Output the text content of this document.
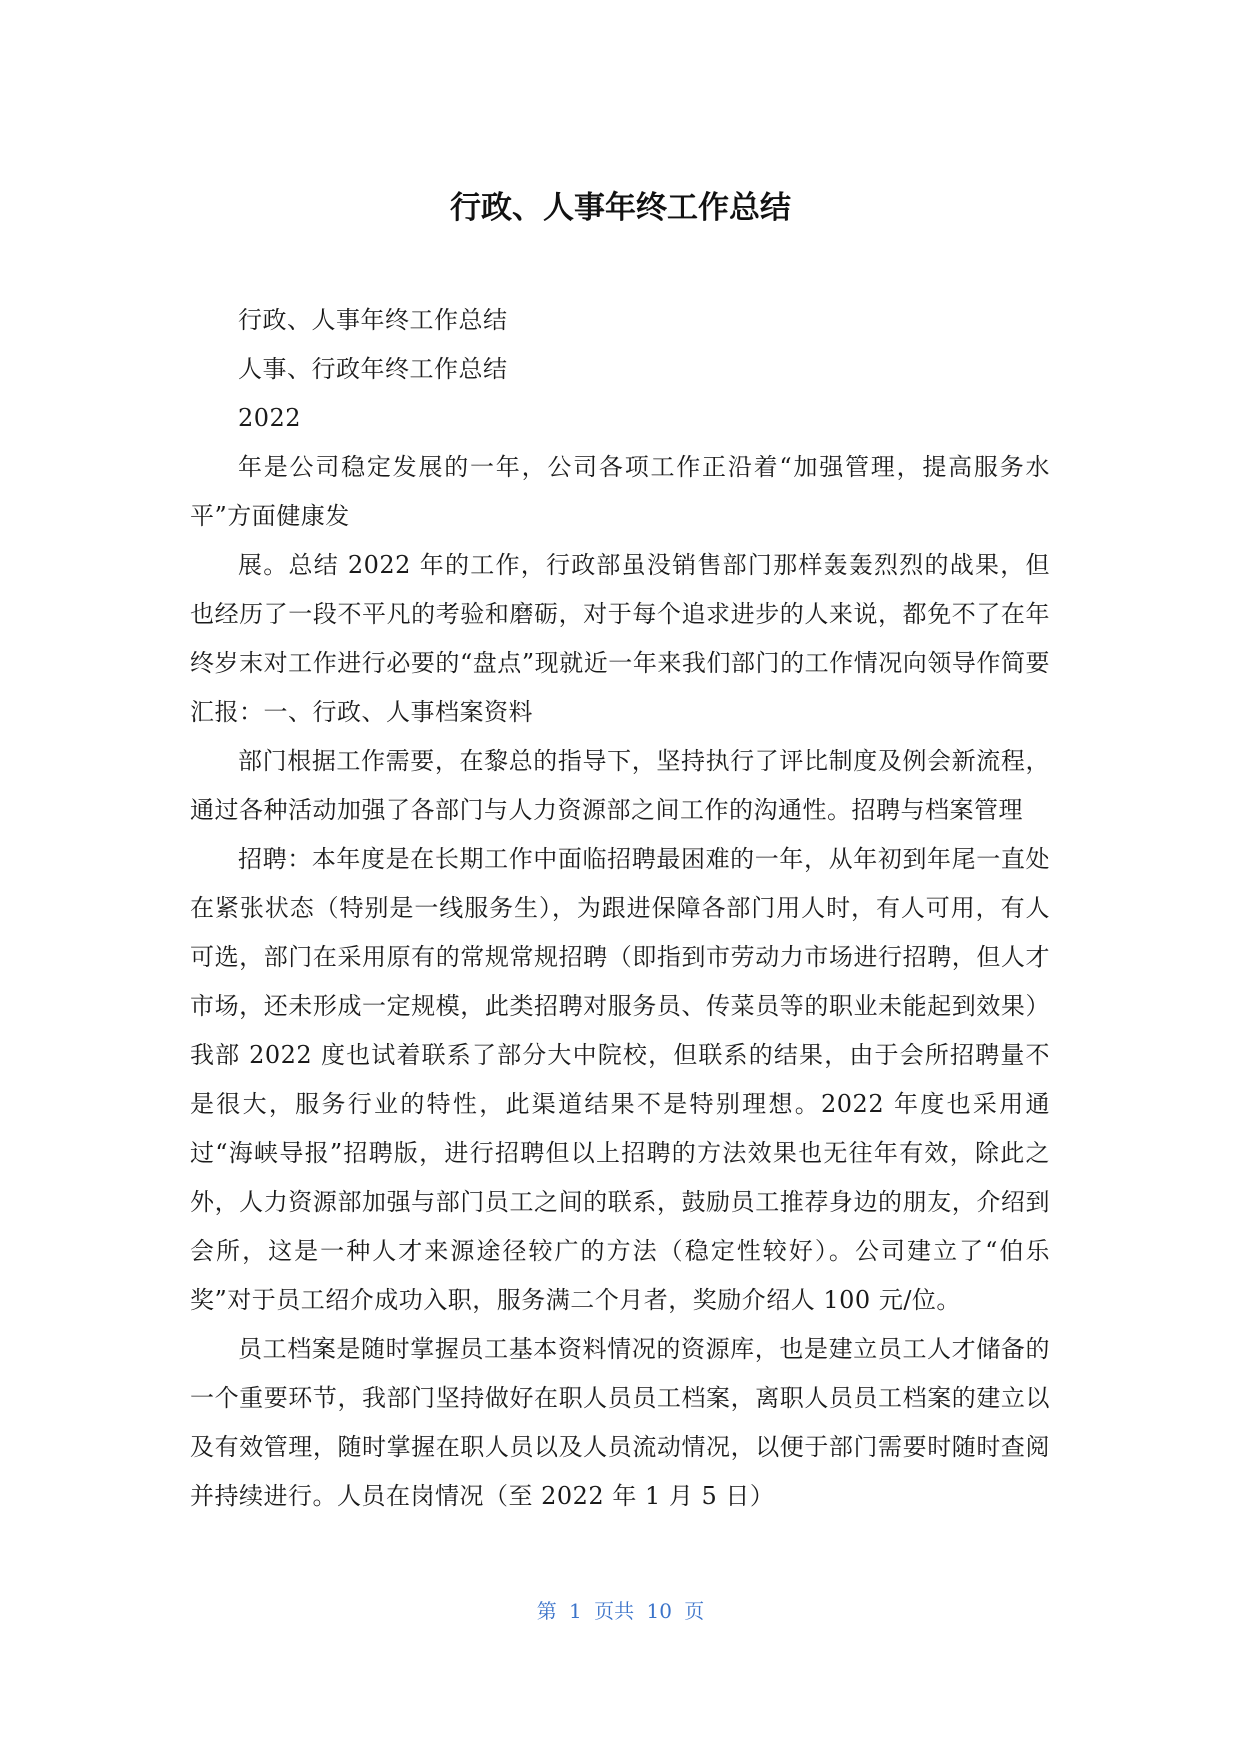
行政、人事年终工作总结

行政、人事年终工作总结

人事、行政年终工作总结

2022

年是公司稳定发展的一年，公司各项工作正沿着“加强管理，提高服务水平”方面健康发

展。总结 2022 年的工作，行政部虽没销售部门那样轰轰烈烈的战果，但也经历了一段不平凡的考验和磨砺，对于每个追求进步的人来说，都免不了在年终岁末对工作进行必要的“盘点”现就近一年来我们部门的工作情况向领导作简要汇报：一、行政、人事档案资料

部门根据工作需要，在黎总的指导下，坚持执行了评比制度及例会新流程，通过各种活动加强了各部门与人力资源部之间工作的沟通性。招聘与档案管理

招聘：本年度是在长期工作中面临招聘最困难的一年，从年初到年尾一直处在紧张状态（特别是一线服务生），为跟进保障各部门用人时，有人可用，有人可选，部门在采用原有的常规常规招聘（即指到市劳动力市场进行招聘，但人才市场，还未形成一定规模，此类招聘对服务员、传菜员等的职业未能起到效果）我部 2022 度也试着联系了部分大中院校，但联系的结果，由于会所招聘量不是很大，服务行业的特性，此渠道结果不是特别理想。2022 年度也采用通过“海峡导报”招聘版，进行招聘但以上招聘的方法效果也无往年有效，除此之外，人力资源部加强与部门员工之间的联系，鼓励员工推荐身边的朋友，介绍到会所，这是一种人才来源途径较广的方法（稳定性较好）。公司建立了“伯乐奖”对于员工绍介成功入职，服务满二个月者，奖励介绍人 100 元/位。

员工档案是随时掌握员工基本资料情况的资源库，也是建立员工人才储备的一个重要环节，我部门坚持做好在职人员员工档案，离职人员员工档案的建立以及有效管理，随时掌握在职人员以及人员流动情况，以便于部门需要时随时查阅并持续进行。人员在岗情况（至 2022 年 1 月 5 日）

第 1 页共 10 页
